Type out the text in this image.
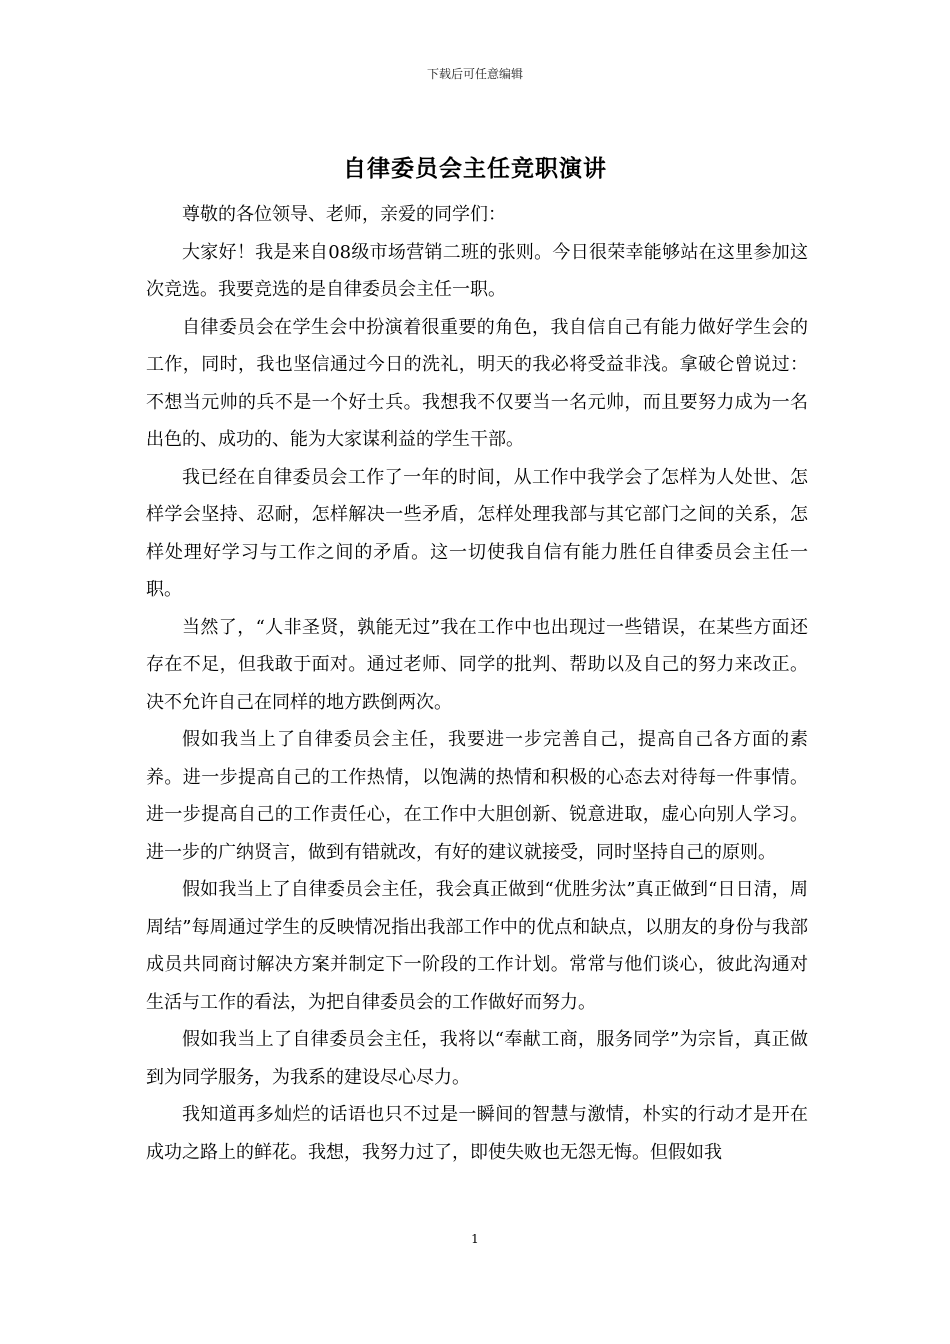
下载后可任意编辑
自律委员会主任竞职演讲

尊敬的各位领导、老师，亲爱的同学们：

大家好！我是来自08级市场营销二班的张则。今日很荣幸能够站在这里参加这次竞选。我要竞选的是自律委员会主任一职。

自律委员会在学生会中扮演着很重要的角色，我自信自己有能力做好学生会的工作，同时，我也坚信通过今日的洗礼，明天的我必将受益非浅。拿破仑曾说过：不想当元帅的兵不是一个好士兵。我想我不仅要当一名元帅，而且要努力成为一名出色的、成功的、能为大家谋利益的学生干部。

我已经在自律委员会工作了一年的时间，从工作中我学会了怎样为人处世、怎样学会坚持、忍耐，怎样解决一些矛盾，怎样处理我部与其它部门之间的关系，怎样处理好学习与工作之间的矛盾。这一切使我自信有能力胜任自律委员会主任一职。

当然了，“人非圣贤，孰能无过”我在工作中也出现过一些错误，在某些方面还存在不足，但我敢于面对。通过老师、同学的批判、帮助以及自己的努力来改正。决不允许自己在同样的地方跌倒两次。

假如我当上了自律委员会主任，我要进一步完善自己，提高自己各方面的素养。进一步提高自己的工作热情，以饱满的热情和积极的心态去对待每一件事情。进一步提高自己的工作责任心，在工作中大胆创新、锐意进取，虚心向别人学习。进一步的广纳贤言，做到有错就改，有好的建议就接受，同时坚持自己的原则。

假如我当上了自律委员会主任，我会真正做到“优胜劣汰”真正做到“日日清，周周结”每周通过学生的反映情况指出我部工作中的优点和缺点，以朋友的身份与我部成员共同商讨解决方案并制定下一阶段的工作计划。常常与他们谈心，彼此沟通对生活与工作的看法，为把自律委员会的工作做好而努力。

假如我当上了自律委员会主任，我将以“奉献工商，服务同学”为宗旨，真正做到为同学服务，为我系的建设尽心尽力。

我知道再多灿烂的话语也只不过是一瞬间的智慧与激情，朴实的行动才是开在成功之路上的鲜花。我想，我努力过了，即使失败也无怨无悔。但假如我

1
